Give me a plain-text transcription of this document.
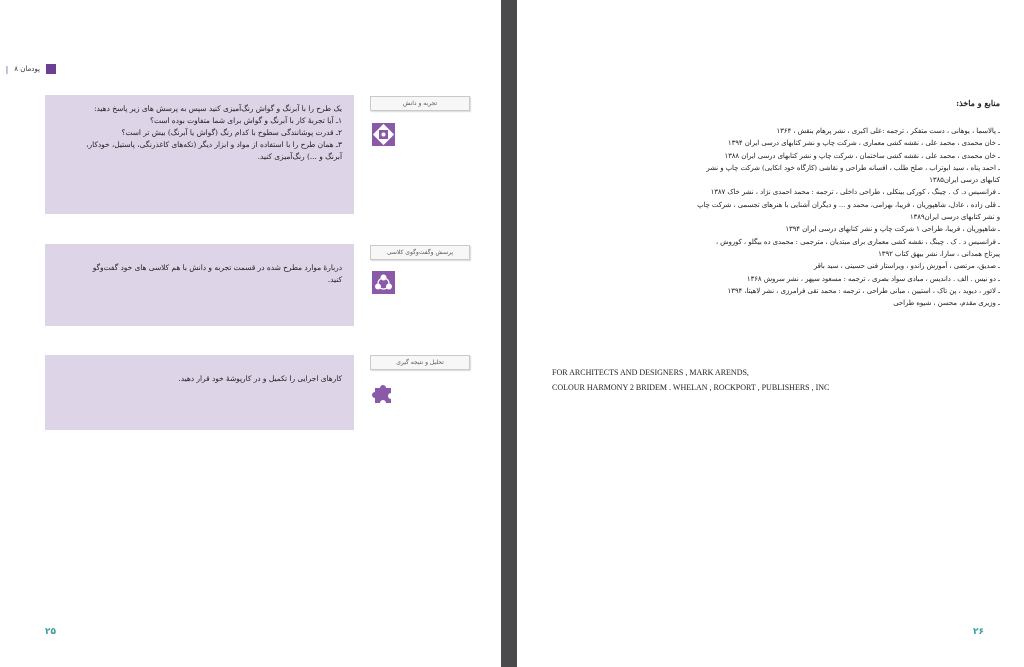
پودمان ۸
|
تجربه و دانش
یک طرح را با آبرنگ و گواش رنگ‌آمیزی کنید سپس به پرسش های زیر پاسخ دهید:
۱ـ آیا تجربهٔ کار با آبرنگ و گواش برای شما متفاوت بوده است؟
۲ـ قدرت پوشانندگی سطوح با کدام رنگ (گواش یا آبرنگ) بیش تر است؟
۳ـ همان طرح را با استفاده از مواد و ابزار دیگر (تکه‌های کاغذرنگی، پاستیل، خودکار،
آبرنگ و ...) رنگ‌آمیزی کنید.
پرسش وگفت‌وگوی کلاسی
دربارهٔ موارد مطرح شده در قسمت تجربه و دانش با هم کلاسی های خود گفت‌وگو
کنید.
تحلیل و نتیجه گیری
کارهای اجرایی را تکمیل و در کارپوشهٔ خود قرار دهید.
۲۵
منابع و ماخذ:
ـ پالاسما ، یوهانی ، دست متفکر ، ترجمه :علی اکبری ، نشر پرهام بنقش ، ۱۳۶۴
ـ خان محمدی ، محمد علی ، نقشه کشی معماری ، شرکت چاپ و نشر کتابهای درسی ایران ۱۳۹۴
ـ خان محمدی ، محمد علی ، نقشه کشی ساختمان ، شرکت چاپ و نشر کتابهای درسی ایران ۱۳۸۸
ـ احمد پناه ، سید ابوتراب ، صلح طلب ، افسانه طراحی و نقاشی (کارگاه خود انکایی) شرکت چاپ و نشر
کتابهای درسی ایران۱۳۸۵
ـ فرانسیس د. ک . چینگ ، کورکی بینکلی ، طراحی داخلی ، ترجمه : محمد احمدی نژاد ، نشر خاک ۱۳۸۷
ـ قلی زاده ، عادل، شاهپوریان ، فریبا، بهرامی، محمد و ... و دیگران آشنایی با هنرهای تجسمی ، شرکت چاپ
و نشر کتابهای درسی ایران۱۳۸۹
ـ شاهپوریان ، فریبا، طراحی ۱ شرکت چاپ و نشر کتابهای درسی ایران ۱۳۹۴
ـ فرانسیس د . ک . چینگ ، نقشه کشی معماری برای مبتدیان ، مترجمی : محمدی ده بیگلو ، کوروش ،
پیرتاج همدانی ، سارا، نشر بیهق کتاب ۱۳۹۲
ـ صدیق، مرتضی ، آموزش راندو ، ویراستار فنی حسینی ، سید باقر
ـ دو نیس . الف . داندیس ، مبادی سواد بصری ، ترجمه : مسعود سپهر ، نشر سروش ۱۳۶۸
ـ لائور ، دیوید ، پن تاک ، استیین ، مبانی طراحی ، ترجمه : محمد تقی فرامرزی ، نشر لاهیتا، ۱۳۹۴
ـ وزیری مقدم، محسن ، شیوه طراحی
FOR ARCHITECTS AND DESIGNERS , MARK ARENDS,
COLOUR HARMONY 2 BRIDEM . WHELAN , ROCKPORT , PUBLISHERS , INC
۲۶
